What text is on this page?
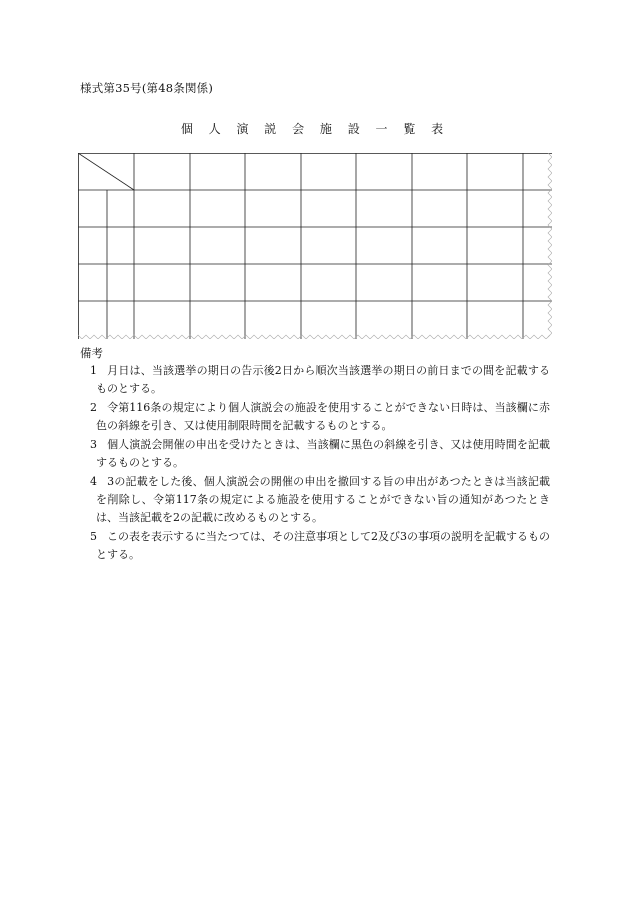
様式第35号(第48条関係)
個 人 演 説 会 施 設 一 覧 表
備考
1 　月日は、当該選挙の期日の告示後2日から順次当該選挙の期日の前日までの間を記載するものとする。
2 　令第116条の規定により個人演説会の施設を使用することができない日時は、当該欄に赤色の斜線を引き、又は使用制限時間を記載するものとする。
3 　個人演説会開催の申出を受けたときは、当該欄に黒色の斜線を引き、又は使用時間を記載するものとする。
4 　3の記載をした後、個人演説会の開催の申出を撤回する旨の申出があつたときは当該記載を削除し、令第117条の規定による施設を使用することができない旨の通知があつたときは、当該記載を2の記載に改めるものとする。
5 　この表を表示するに当たつては、その注意事項として2及び3の事項の説明を記載するものとする。
